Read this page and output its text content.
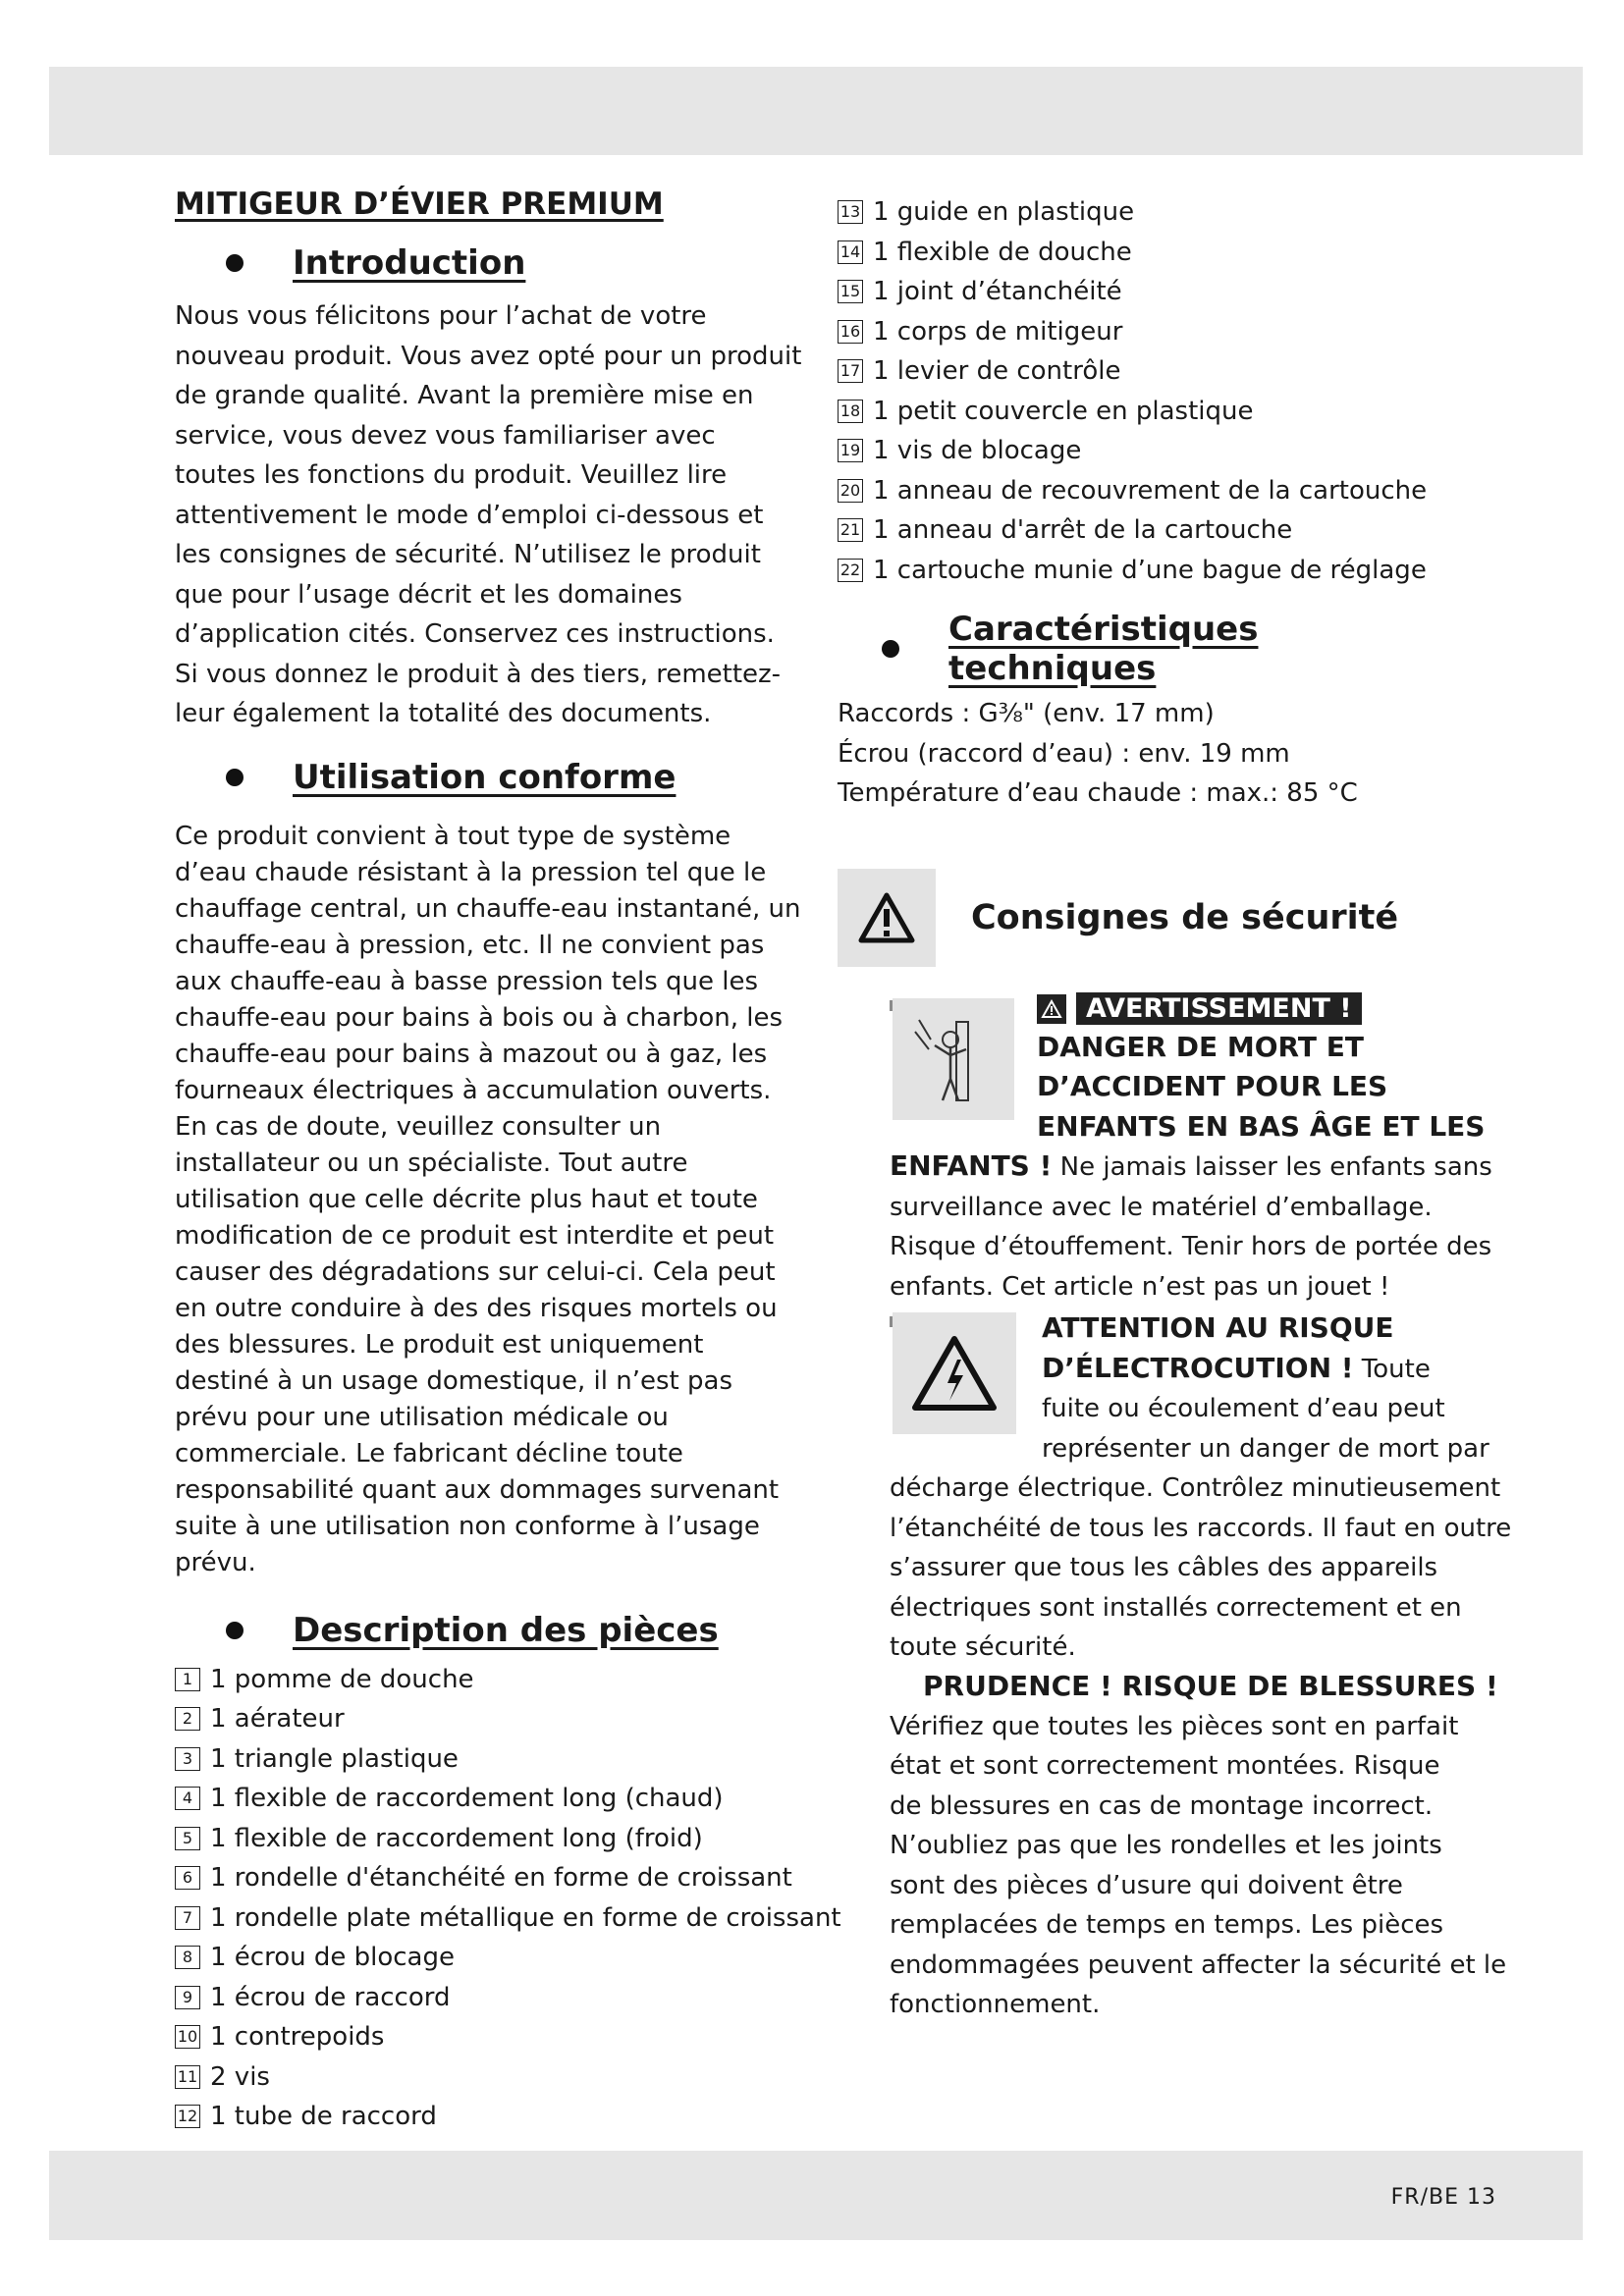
FR/BE 13
MITIGEUR D’ÉVIER PREMIUM
Introduction

Nous vous félicitons pour l’achat de votre nouveau produit. Vous avez opté pour un produit de grande qualité. Avant la première mise en service, vous devez vous familiariser avec toutes les fonctions du produit. Veuillez lire attentivement le mode d’emploi ci-dessous et les consignes de sécurité. N’utilisez le produit que pour l’usage décrit et les domaines d’application cités. Conservez ces instructions. Si vous donnez le produit à des tiers, remettez-leur également la totalité des documents.

Utilisation conforme

Ce produit convient à tout type de système d’eau chaude résistant à la pression tel que le chauffage central, un chauffe-eau instantané, un chauffe-eau à pression, etc. Il ne convient pas aux chauffe-eau à basse pression tels que les chauffe-eau pour bains à bois ou à charbon, les chauffe-eau pour bains à mazout ou à gaz, les fourneaux électriques à accumulation ouverts. En cas de doute, veuillez consulter un installateur ou un spécialiste. Tout autre utilisation que celle décrite plus haut et toute modification de ce produit est interdite et peut causer des dégradations sur celui-ci. Cela peut en outre conduire à des des risques mortels ou des blessures. Le produit est uniquement destiné à un usage domestique, il n’est pas prévu pour une utilisation médicale ou commerciale. Le fabricant décline toute responsabilité quant aux dommages survenant suite à une utilisation non conforme à l’usage prévu.

Description des pièces
1 1 pomme de douche
2 1 aérateur
3 1 triangle plastique
4 1 flexible de raccordement long (chaud)
5 1 flexible de raccordement long (froid)
6 1 rondelle d'étanchéité en forme de croissant
7 1 rondelle plate métallique en forme de croissant
8 1 écrou de blocage
9 1 écrou de raccord
10 1 contrepoids
11 2 vis
12 1 tube de raccord
13 1 guide en plastique
14 1 flexible de douche
15 1 joint d’étanchéité
16 1 corps de mitigeur
17 1 levier de contrôle
18 1 petit couvercle en plastique
19 1 vis de blocage
20 1 anneau de recouvrement de la cartouche
21 1 anneau d'arrêt de la cartouche
22 1 cartouche munie d’une bague de réglage
Caractéristiques techniques
Raccords : G⅜" (env. 17 mm)
Écrou (raccord d’eau) : env. 19 mm
Température d’eau chaude : max.: 85 °C
Consignes de sécurité
AVERTISSEMENT !
DANGER DE MORT ET
D’ACCIDENT POUR LES
ENFANTS EN BAS ÂGE ET LES
ENFANTS ! Ne jamais laisser les enfants sans
surveillance avec le matériel d’emballage.
Risque d’étouffement. Tenir hors de portée des
enfants. Cet article n’est pas un jouet !
ATTENTION AU RISQUE
D’ÉLECTROCUTION ! Toute
fuite ou écoulement d’eau peut
représenter un danger de mort par
décharge électrique. Contrôlez minutieusement
l’étanchéité de tous les raccords. Il faut en outre
s’assurer que tous les câbles des appareils
électriques sont installés correctement et en
toute sécurité.
PRUDENCE ! RISQUE DE BLESSURES !
Vérifiez que toutes les pièces sont en parfait
état et sont correctement montées. Risque
de blessures en cas de montage incorrect.
N’oubliez pas que les rondelles et les joints
sont des pièces d’usure qui doivent être
remplacées de temps en temps. Les pièces
endommagées peuvent affecter la sécurité et le
fonctionnement.
